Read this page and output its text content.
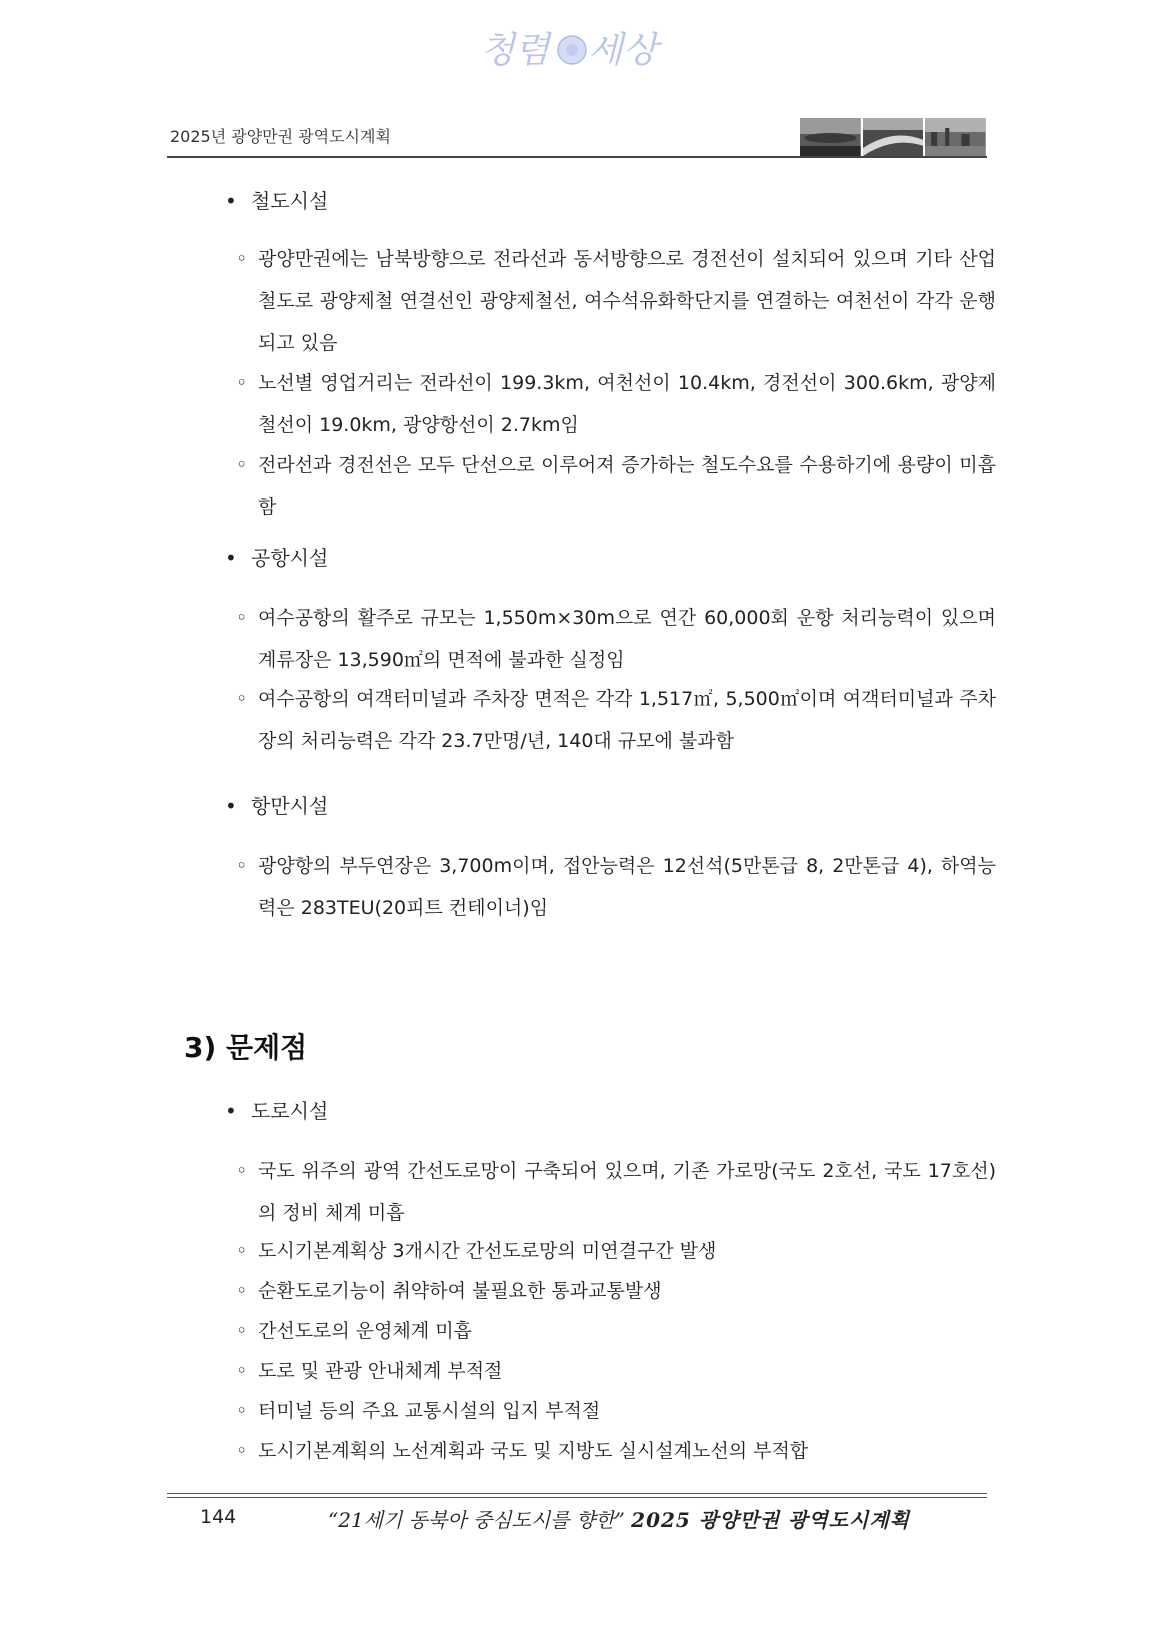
청렴 세상
2025년 광양만권 광역도시계획
• 철도시설
◦ 광양만권에는 남북방향으로 전라선과 동서방향으로 경전선이 설치되어 있으며 기타 산업철도로 광양제철 연결선인 광양제철선, 여수석유화학단지를 연결하는 여천선이 각각 운행되고 있음
◦ 노선별 영업거리는 전라선이 199.3km, 여천선이 10.4km, 경전선이 300.6km, 광양제철선이 19.0km, 광양항선이 2.7km임
◦ 전라선과 경전선은 모두 단선으로 이루어져 증가하는 철도수요를 수용하기에 용량이 미흡함
• 공항시설
◦ 여수공항의 활주로 규모는 1,550m×30m으로 연간 60,000회 운항 처리능력이 있으며 계류장은 13,590㎡의 면적에 불과한 실정임
◦ 여수공항의 여객터미널과 주차장 면적은 각각 1,517㎡, 5,500㎡이며 여객터미널과 주차장의 처리능력은 각각 23.7만명/년, 140대 규모에 불과함
• 항만시설
◦ 광양항의 부두연장은 3,700m이며, 접안능력은 12선석(5만톤급 8, 2만톤급 4), 하역능력은 283TEU(20피트 컨테이너)임
3) 문제점
• 도로시설
◦ 국도 위주의 광역 간선도로망이 구축되어 있으며, 기존 가로망(국도 2호선, 국도 17호선)의 정비 체계 미흡
◦ 도시기본계획상 3개시간 간선도로망의 미연결구간 발생
◦ 순환도로기능이 취약하여 불필요한 통과교통발생
◦ 간선도로의 운영체계 미흡
◦ 도로 및 관광 안내체계 부적절
◦ 터미널 등의 주요 교통시설의 입지 부적절
◦ 도시기본계획의 노선계획과 국도 및 지방도 실시설계노선의 부적합
144	“21세기 동북아 중심도시를 향한” 2025 광양만권 광역도시계획
